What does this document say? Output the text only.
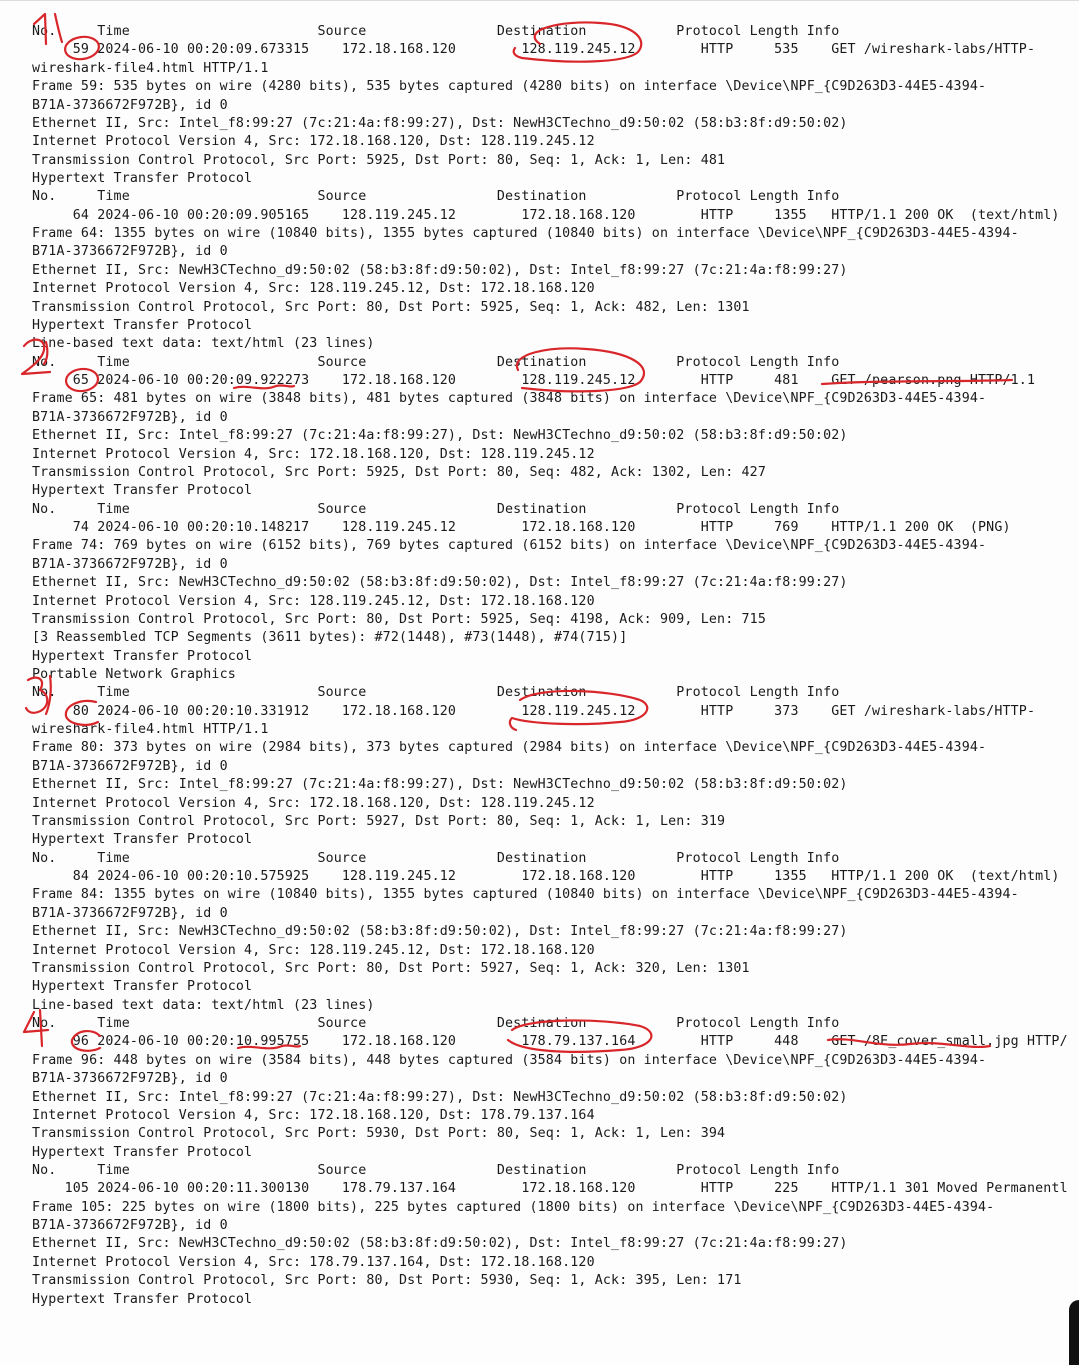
No.     Time                       Source                Destination           Protocol Length Info
59 2024-06-10 00:20:09.673315    172.18.168.120        128.119.245.12        HTTP     535    GET /wireshark-labs/HTTP-
wireshark-file4.html HTTP/1.1
Frame 59: 535 bytes on wire (4280 bits), 535 bytes captured (4280 bits) on interface \Device\NPF_{C9D263D3-44E5-4394-
B71A-3736672F972B}, id 0
Ethernet II, Src: Intel_f8:99:27 (7c:21:4a:f8:99:27), Dst: NewH3CTechno_d9:50:02 (58:b3:8f:d9:50:02)
Internet Protocol Version 4, Src: 172.18.168.120, Dst: 128.119.245.12
Transmission Control Protocol, Src Port: 5925, Dst Port: 80, Seq: 1, Ack: 1, Len: 481
Hypertext Transfer Protocol
No.     Time                       Source                Destination           Protocol Length Info
64 2024-06-10 00:20:09.905165    128.119.245.12        172.18.168.120        HTTP     1355   HTTP/1.1 200 OK  (text/html)
Frame 64: 1355 bytes on wire (10840 bits), 1355 bytes captured (10840 bits) on interface \Device\NPF_{C9D263D3-44E5-4394-
B71A-3736672F972B}, id 0
Ethernet II, Src: NewH3CTechno_d9:50:02 (58:b3:8f:d9:50:02), Dst: Intel_f8:99:27 (7c:21:4a:f8:99:27)
Internet Protocol Version 4, Src: 128.119.245.12, Dst: 172.18.168.120
Transmission Control Protocol, Src Port: 80, Dst Port: 5925, Seq: 1, Ack: 482, Len: 1301
Hypertext Transfer Protocol
Line-based text data: text/html (23 lines)
No.     Time                       Source                Destination           Protocol Length Info
65 2024-06-10 00:20:09.922273    172.18.168.120        128.119.245.12        HTTP     481    GET /pearson.png HTTP/1.1
Frame 65: 481 bytes on wire (3848 bits), 481 bytes captured (3848 bits) on interface \Device\NPF_{C9D263D3-44E5-4394-
B71A-3736672F972B}, id 0
Ethernet II, Src: Intel_f8:99:27 (7c:21:4a:f8:99:27), Dst: NewH3CTechno_d9:50:02 (58:b3:8f:d9:50:02)
Internet Protocol Version 4, Src: 172.18.168.120, Dst: 128.119.245.12
Transmission Control Protocol, Src Port: 5925, Dst Port: 80, Seq: 482, Ack: 1302, Len: 427
Hypertext Transfer Protocol
No.     Time                       Source                Destination           Protocol Length Info
74 2024-06-10 00:20:10.148217    128.119.245.12        172.18.168.120        HTTP     769    HTTP/1.1 200 OK  (PNG)
Frame 74: 769 bytes on wire (6152 bits), 769 bytes captured (6152 bits) on interface \Device\NPF_{C9D263D3-44E5-4394-
B71A-3736672F972B}, id 0
Ethernet II, Src: NewH3CTechno_d9:50:02 (58:b3:8f:d9:50:02), Dst: Intel_f8:99:27 (7c:21:4a:f8:99:27)
Internet Protocol Version 4, Src: 128.119.245.12, Dst: 172.18.168.120
Transmission Control Protocol, Src Port: 80, Dst Port: 5925, Seq: 4198, Ack: 909, Len: 715
[3 Reassembled TCP Segments (3611 bytes): #72(1448), #73(1448), #74(715)]
Hypertext Transfer Protocol
Portable Network Graphics
No.     Time                       Source                Destination           Protocol Length Info
80 2024-06-10 00:20:10.331912    172.18.168.120        128.119.245.12        HTTP     373    GET /wireshark-labs/HTTP-
wireshark-file4.html HTTP/1.1
Frame 80: 373 bytes on wire (2984 bits), 373 bytes captured (2984 bits) on interface \Device\NPF_{C9D263D3-44E5-4394-
B71A-3736672F972B}, id 0
Ethernet II, Src: Intel_f8:99:27 (7c:21:4a:f8:99:27), Dst: NewH3CTechno_d9:50:02 (58:b3:8f:d9:50:02)
Internet Protocol Version 4, Src: 172.18.168.120, Dst: 128.119.245.12
Transmission Control Protocol, Src Port: 5927, Dst Port: 80, Seq: 1, Ack: 1, Len: 319
Hypertext Transfer Protocol
No.     Time                       Source                Destination           Protocol Length Info
84 2024-06-10 00:20:10.575925    128.119.245.12        172.18.168.120        HTTP     1355   HTTP/1.1 200 OK  (text/html)
Frame 84: 1355 bytes on wire (10840 bits), 1355 bytes captured (10840 bits) on interface \Device\NPF_{C9D263D3-44E5-4394-
B71A-3736672F972B}, id 0
Ethernet II, Src: NewH3CTechno_d9:50:02 (58:b3:8f:d9:50:02), Dst: Intel_f8:99:27 (7c:21:4a:f8:99:27)
Internet Protocol Version 4, Src: 128.119.245.12, Dst: 172.18.168.120
Transmission Control Protocol, Src Port: 80, Dst Port: 5927, Seq: 1, Ack: 320, Len: 1301
Hypertext Transfer Protocol
Line-based text data: text/html (23 lines)
No.     Time                       Source                Destination           Protocol Length Info
96 2024-06-10 00:20:10.995755    172.18.168.120        178.79.137.164        HTTP     448    GET /8E_cover_small.jpg HTTP/
Frame 96: 448 bytes on wire (3584 bits), 448 bytes captured (3584 bits) on interface \Device\NPF_{C9D263D3-44E5-4394-
B71A-3736672F972B}, id 0
Ethernet II, Src: Intel_f8:99:27 (7c:21:4a:f8:99:27), Dst: NewH3CTechno_d9:50:02 (58:b3:8f:d9:50:02)
Internet Protocol Version 4, Src: 172.18.168.120, Dst: 178.79.137.164
Transmission Control Protocol, Src Port: 5930, Dst Port: 80, Seq: 1, Ack: 1, Len: 394
Hypertext Transfer Protocol
No.     Time                       Source                Destination           Protocol Length Info
105 2024-06-10 00:20:11.300130    178.79.137.164        172.18.168.120        HTTP     225    HTTP/1.1 301 Moved Permanentl
Frame 105: 225 bytes on wire (1800 bits), 225 bytes captured (1800 bits) on interface \Device\NPF_{C9D263D3-44E5-4394-
B71A-3736672F972B}, id 0
Ethernet II, Src: NewH3CTechno_d9:50:02 (58:b3:8f:d9:50:02), Dst: Intel_f8:99:27 (7c:21:4a:f8:99:27)
Internet Protocol Version 4, Src: 178.79.137.164, Dst: 172.18.168.120
Transmission Control Protocol, Src Port: 80, Dst Port: 5930, Seq: 1, Ack: 395, Len: 171
Hypertext Transfer Protocol
